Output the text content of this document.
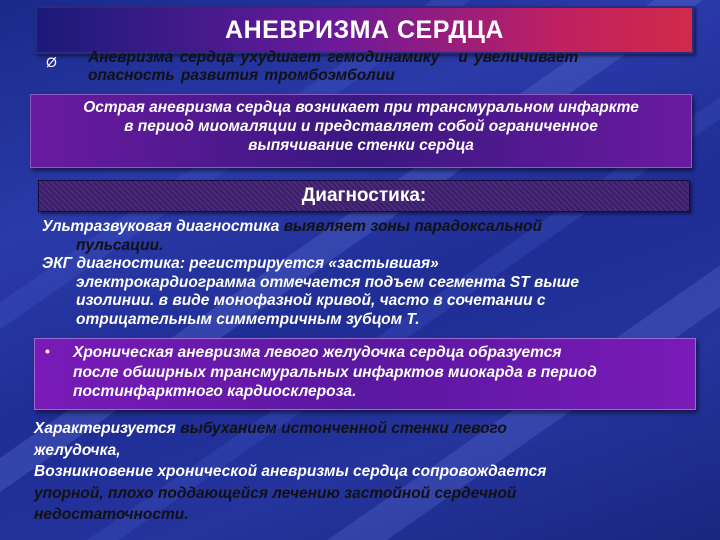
АНЕВРИЗМА СЕРДЦА
Ø Аневризма сердца ухудшает гемодинамику   и увеличивает
опасность развития тромбоэмболии

Острая аневризма сердца возникает при трансмуральном инфаркте
в период миомаляции и представляет собой ограниченное
выпячивание стенки сердца

Диагностика:
Ультразвуковая диагностика выявляет зоны парадоксальной
пульсации.
ЭКГ диагностика: регистрируется «застывшая»
электрокардиограмма отмечается подъем сегмента ST выше
изолинии. в виде монофазной кривой, часто в сочетании с
отрицательным симметричным зубцом Т.
• Хроническая аневризма левого желудочка сердца образуется
после обширных трансмуральных инфарктов миокарда в период
постинфарктного кардиосклероза.

Характеризуется выбуханием истонченной стенки левого
желудочка,
Возникновение хронической аневризмы сердца сопровождается
упорной, плохо поддающейся лечению застойной сердечной
недостаточности.
